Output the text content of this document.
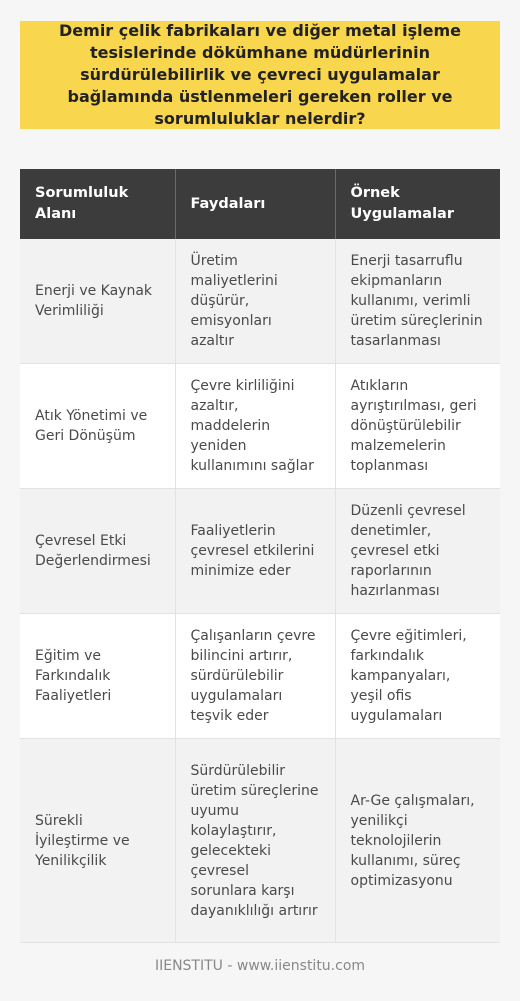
Demir çelik fabrikaları ve diğer metal işleme tesislerinde dökümhane müdürlerinin sürdürülebilirlik ve çevreci uygulamalar bağlamında üstlenmeleri gereken roller ve sorumluluklar nelerdir?
Sorumluluk Alanı	Faydaları	Örnek Uygulamalar
Enerji ve Kaynak Verimliliği	Üretim maliyetlerini düşürür, emisyonları azaltır	Enerji tasarruflu ekipmanların kullanımı, verimli üretim süreçlerinin tasarlanması
Atık Yönetimi ve Geri Dönüşüm	Çevre kirliliğini azaltır, maddelerin yeniden kullanımını sağlar	Atıkların ayrıştırılması, geri dönüştürülebilir malzemelerin toplanması
Çevresel Etki Değerlendirmesi	Faaliyetlerin çevresel etkilerini minimize eder	Düzenli çevresel denetimler, çevresel etki raporlarının hazırlanması
Eğitim ve Farkındalık Faaliyetleri	Çalışanların çevre bilincini artırır, sürdürülebilir uygulamaları teşvik eder	Çevre eğitimleri, farkındalık kampanyaları, yeşil ofis uygulamaları
Sürekli İyileştirme ve Yenilikçilik	Sürdürülebilir üretim süreçlerine uyumu kolaylaştırır, gelecekteki çevresel sorunlara karşı dayanıklılığı artırır	Ar-Ge çalışmaları, yenilikçi teknolojilerin kullanımı, süreç optimizasyonu
IIENSTITU - www.iienstitu.com
